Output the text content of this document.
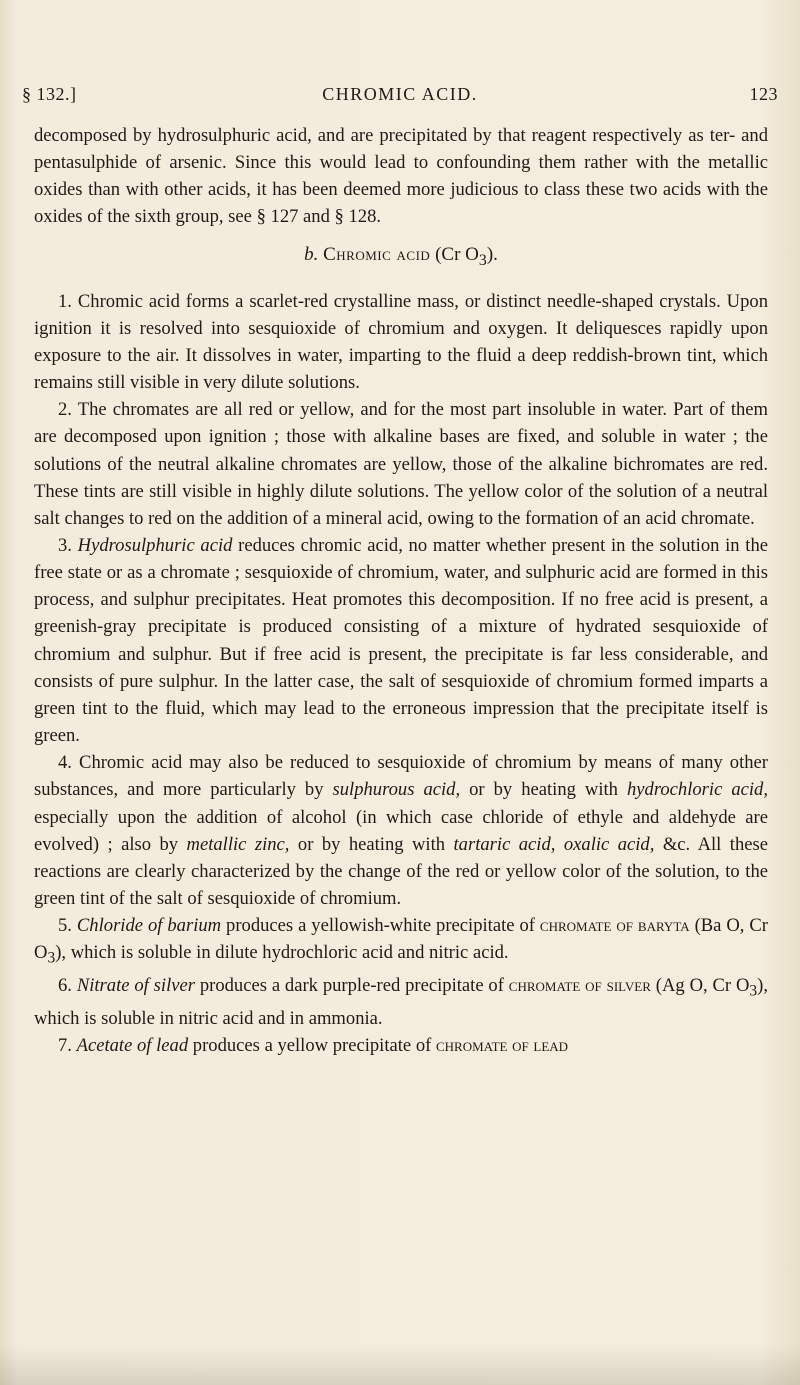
§ 132.]	CHROMIC ACID.	123

decomposed by hydrosulphuric acid, and are precipitated by that reagent respectively as ter- and pentasulphide of arsenic. Since this would lead to confounding them rather with the metallic oxides than with other acids, it has been deemed more judicious to class these two acids with the oxides of the sixth group, see § 127 and § 128.

b. Chromic acid (Cr $O_3$).

1. Chromic acid forms a scarlet-red crystalline mass, or distinct needle-shaped crystals. Upon ignition it is resolved into sesquioxide of chromium and oxygen. It deliquesces rapidly upon exposure to the air. It dissolves in water, imparting to the fluid a deep reddish-brown tint, which remains still visible in very dilute solutions.

2. The chromates are all red or yellow, and for the most part insoluble in water. Part of them are decomposed upon ignition ; those with alkaline bases are fixed, and soluble in water ; the solutions of the neutral alkaline chromates are yellow, those of the alkaline bichromates are red. These tints are still visible in highly dilute solutions. The yellow color of the solution of a neutral salt changes to red on the addition of a mineral acid, owing to the formation of an acid chromate.

3. Hydrosulphuric acid reduces chromic acid, no matter whether present in the solution in the free state or as a chromate ; sesquioxide of chromium, water, and sulphuric acid are formed in this process, and sulphur precipitates. Heat promotes this decomposition. If no free acid is present, a greenish-gray precipitate is produced consisting of a mixture of hydrated sesquioxide of chromium and sulphur. But if free acid is present, the precipitate is far less considerable, and consists of pure sulphur. In the latter case, the salt of sesquioxide of chromium formed imparts a green tint to the fluid, which may lead to the erroneous impression that the precipitate itself is green.

4. Chromic acid may also be reduced to sesquioxide of chromium by means of many other substances, and more particularly by sulphurous acid, or by heating with hydrochloric acid, especially upon the addition of alcohol (in which case chloride of ethyle and aldehyde are evolved) ; also by metallic zinc, or by heating with tartaric acid, oxalic acid, &c. All these reactions are clearly characterized by the change of the red or yellow color of the solution, to the green tint of the salt of sesquioxide of chromium.

5. Chloride of barium produces a yellowish-white precipitate of chromate of baryta (Ba O, Cr $O_3$), which is soluble in dilute hydrochloric acid and nitric acid.

6. Nitrate of silver produces a dark purple-red precipitate of chromate of silver (Ag O, Cr $O_3$), which is soluble in nitric acid and in ammonia.

7. Acetate of lead produces a yellow precipitate of chromate of lead
